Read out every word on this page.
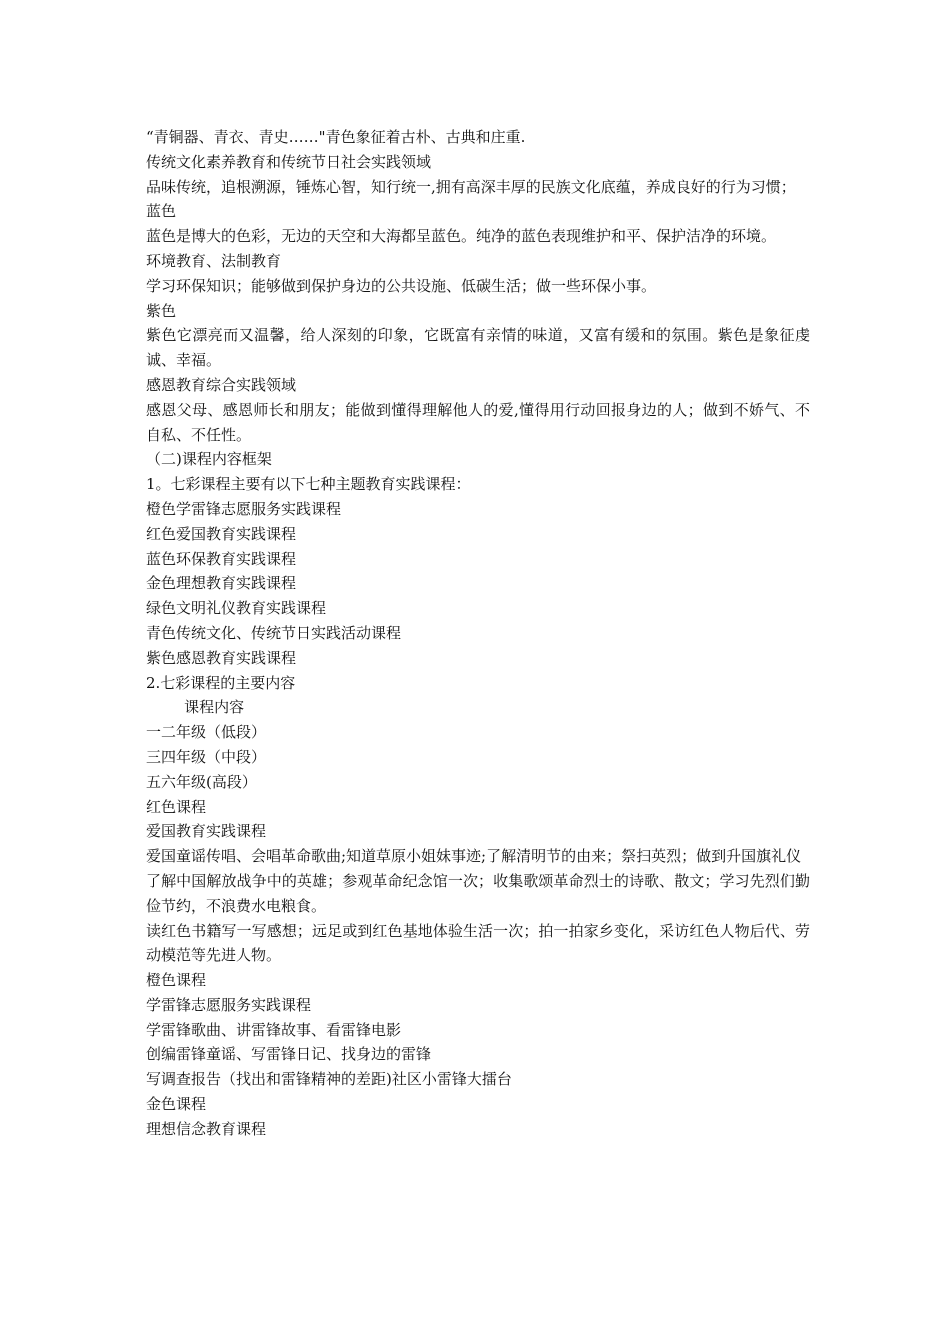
“青铜器、青衣、青史……"青色象征着古朴、古典和庄重.
传统文化素养教育和传统节日社会实践领域
品味传统，追根溯源，锤炼心智，知行统一,拥有高深丰厚的民族文化底蕴，养成良好的行为习惯；
蓝色
蓝色是博大的色彩，无边的天空和大海都呈蓝色。纯净的蓝色表现维护和平、保护洁净的环境。
环境教育、法制教育
学习环保知识；能够做到保护身边的公共设施、低碳生活；做一些环保小事。
紫色
紫色它漂亮而又温馨，给人深刻的印象，它既富有亲情的味道，又富有缓和的氛围。紫色是象征虔诚、幸福。
感恩教育综合实践领域
感恩父母、感恩师长和朋友；能做到懂得理解他人的爱,懂得用行动回报身边的人；做到不娇气、不自私、不任性。
（二)课程内容框架
1。七彩课程主要有以下七种主题教育实践课程：
橙色学雷锋志愿服务实践课程
红色爱国教育实践课程
蓝色环保教育实践课程
金色理想教育实践课程
绿色文明礼仪教育实践课程
青色传统文化、传统节日实践活动课程
紫色感恩教育实践课程
2.七彩课程的主要内容
课程内容
一二年级（低段）
三四年级（中段）
五六年级(高段）
红色课程
爱国教育实践课程
爱国童谣传唱、会唱革命歌曲;知道草原小姐妹事迹;了解清明节的由来；祭扫英烈；做到升国旗礼仪
了解中国解放战争中的英雄；参观革命纪念馆一次；收集歌颂革命烈士的诗歌、散文；学习先烈们勤俭节约，不浪费水电粮食。
读红色书籍写一写感想；远足或到红色基地体验生活一次；拍一拍家乡变化，采访红色人物后代、劳动模范等先进人物。
橙色课程
学雷锋志愿服务实践课程
学雷锋歌曲、讲雷锋故事、看雷锋电影
创编雷锋童谣、写雷锋日记、找身边的雷锋
写调查报告（找出和雷锋精神的差距)社区小雷锋大擂台
金色课程
理想信念教育课程
